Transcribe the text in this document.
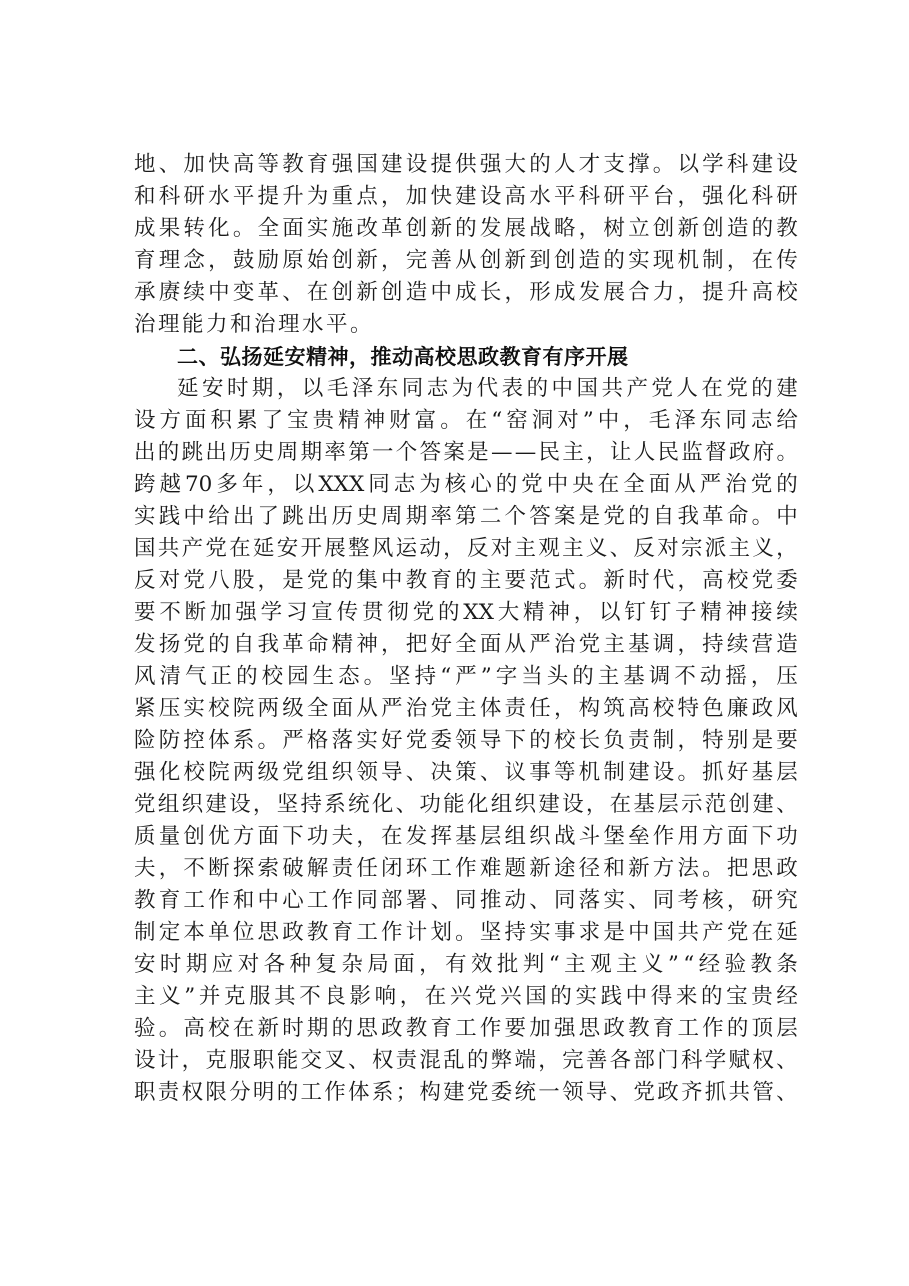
地 、 加 快 高 等 教 育 强 国 建 设 提 供 强 大 的 人 才 支 撑 。 以 学 科 建 设
和 科 研 水 平 提 升 为 重 点 ， 加 快 建 设 高 水 平 科 研 平 台 ， 强 化 科 研
成 果 转 化 。 全 面 实 施 改 革 创 新 的 发 展 战 略 ， 树 立 创 新 创 造 的 教
育 理 念 ， 鼓 励 原 始 创 新 ， 完 善 从 创 新 到 创 造 的 实 现 机 制 ， 在 传
承 赓 续 中 变 革 、 在 创 新 创 造 中 成 长 ， 形 成 发 展 合 力 ， 提 升 高 校
治理能力和治理水平。
二、弘扬延安精神，推动高校思政教育有序开展
延 安 时 期 ， 以 毛 泽 东 同 志 为 代 表 的 中 国 共 产 党 人 在 党 的 建
设 方 面 积 累 了 宝 贵 精 神 财 富 。 在 “ 窑 洞 对 ” 中 ， 毛 泽 东 同 志 给
出 的 跳 出 历 史 周 期 率 第 一 个 答 案 是 — — 民 主 ， 让 人 民 监 督 政 府 。
跨 越 70 多 年 ， 以 XXX 同 志 为 核 心 的 党 中 央 在 全 面 从 严 治 党 的
实 践 中 给 出 了 跳 出 历 史 周 期 率 第 二 个 答 案 是 党 的 自 我 革 命 。 中
国 共 产 党 在 延 安 开 展 整 风 运 动 ， 反 对 主 观 主 义 、 反 对 宗 派 主 义 ，
反 对 党 八 股 ， 是 党 的 集 中 教 育 的 主 要 范 式 。 新 时 代 ， 高 校 党 委
要 不 断 加 强 学 习 宣 传 贯 彻 党 的 XX 大 精 神 ， 以 钉 钉 子 精 神 接 续
发 扬 党 的 自 我 革 命 精 神 ， 把 好 全 面 从 严 治 党 主 基 调 ， 持 续 营 造
风 清 气 正 的 校 园 生 态 。 坚 持 “ 严 ” 字 当 头 的 主 基 调 不 动 摇 ， 压
紧 压 实 校 院 两 级 全 面 从 严 治 党 主 体 责 任 ， 构 筑 高 校 特 色 廉 政 风
险 防 控 体 系 。 严 格 落 实 好 党 委 领 导 下 的 校 长 负 责 制 ， 特 别 是 要
强 化 校 院 两 级 党 组 织 领 导 、 决 策 、 议 事 等 机 制 建 设 。 抓 好 基 层
党 组 织 建 设 ， 坚 持 系 统 化 、 功 能 化 组 织 建 设 ， 在 基 层 示 范 创 建 、
质 量 创 优 方 面 下 功 夫 ， 在 发 挥 基 层 组 织 战 斗 堡 垒 作 用 方 面 下 功
夫 ， 不 断 探 索 破 解 责 任 闭 环 工 作 难 题 新 途 径 和 新 方 法 。 把 思 政
教 育 工 作 和 中 心 工 作 同 部 署 、 同 推 动 、 同 落 实 、 同 考 核 ， 研 究
制 定 本 单 位 思 政 教 育 工 作 计 划 。 坚 持 实 事 求 是 中 国 共 产 党 在 延
安 时 期 应 对 各 种 复 杂 局 面 ， 有 效 批 判 “ 主 观 主 义 ” “ 经 验 教 条
主 义 ” 并 克 服 其 不 良 影 响 ， 在 兴 党 兴 国 的 实 践 中 得 来 的 宝 贵 经
验 。 高 校 在 新 时 期 的 思 政 教 育 工 作 要 加 强 思 政 教 育 工 作 的 顶 层
设 计 ， 克 服 职 能 交 叉 、 权 责 混 乱 的 弊 端 ， 完 善 各 部 门 科 学 赋 权 、
职 责 权 限 分 明 的 工 作 体 系 ； 构 建 党 委 统 一 领 导 、 党 政 齐 抓 共 管 、
